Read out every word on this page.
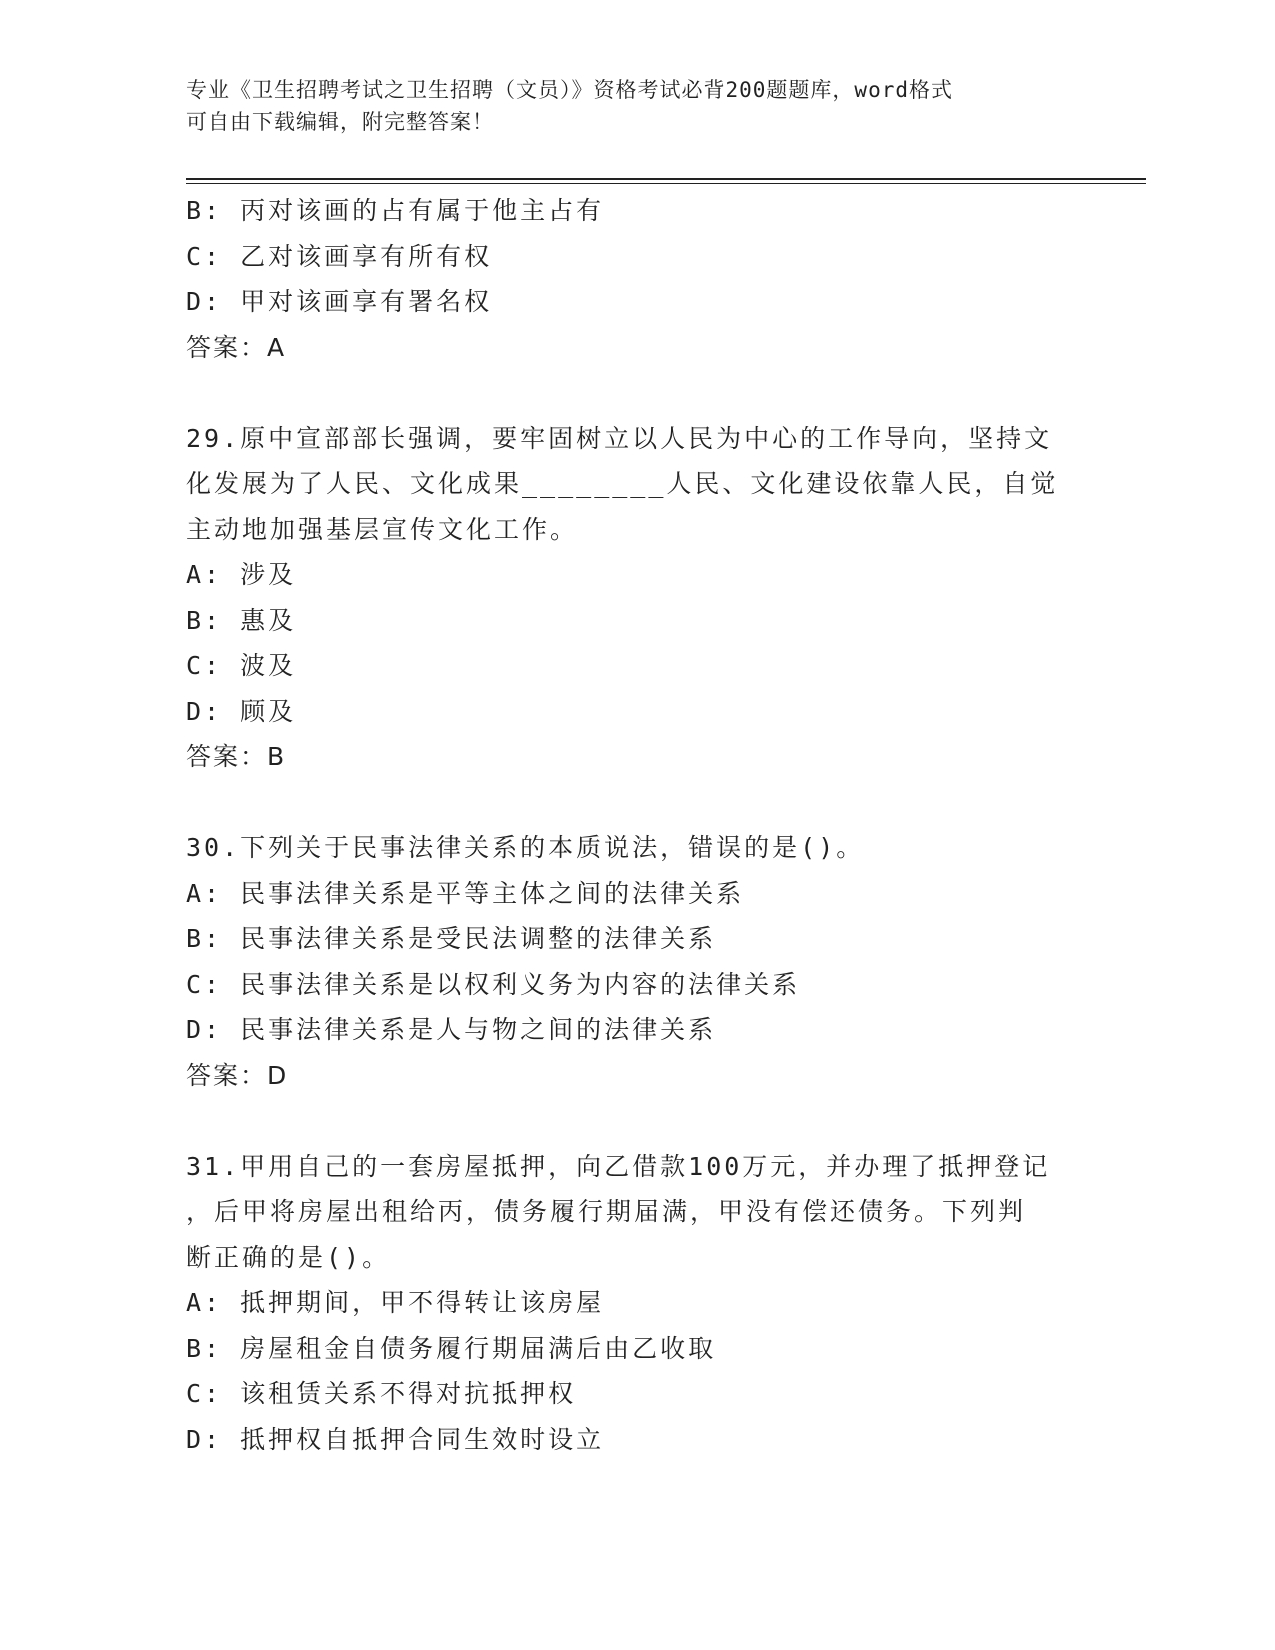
专业《卫生招聘考试之卫生招聘（文员）》资格考试必背200题题库，word格式
可自由下载编辑，附完整答案！
B: 丙对该画的占有属于他主占有
C: 乙对该画享有所有权
D: 甲对该画享有署名权
答案：A
29.原中宣部部长强调，要牢固树立以人民为中心的工作导向，坚持文
化发展为了人民、文化成果________人民、文化建设依靠人民，自觉
主动地加强基层宣传文化工作。
A: 涉及
B: 惠及
C: 波及
D: 顾及
答案：B
30.下列关于民事法律关系的本质说法，错误的是()。
A: 民事法律关系是平等主体之间的法律关系
B: 民事法律关系是受民法调整的法律关系
C: 民事法律关系是以权利义务为内容的法律关系
D: 民事法律关系是人与物之间的法律关系
答案：D
31.甲用自己的一套房屋抵押，向乙借款100万元，并办理了抵押登记
，后甲将房屋出租给丙，债务履行期届满，甲没有偿还债务。下列判
断正确的是()。
A: 抵押期间，甲不得转让该房屋
B: 房屋租金自债务履行期届满后由乙收取
C: 该租赁关系不得对抗抵押权
D: 抵押权自抵押合同生效时设立
